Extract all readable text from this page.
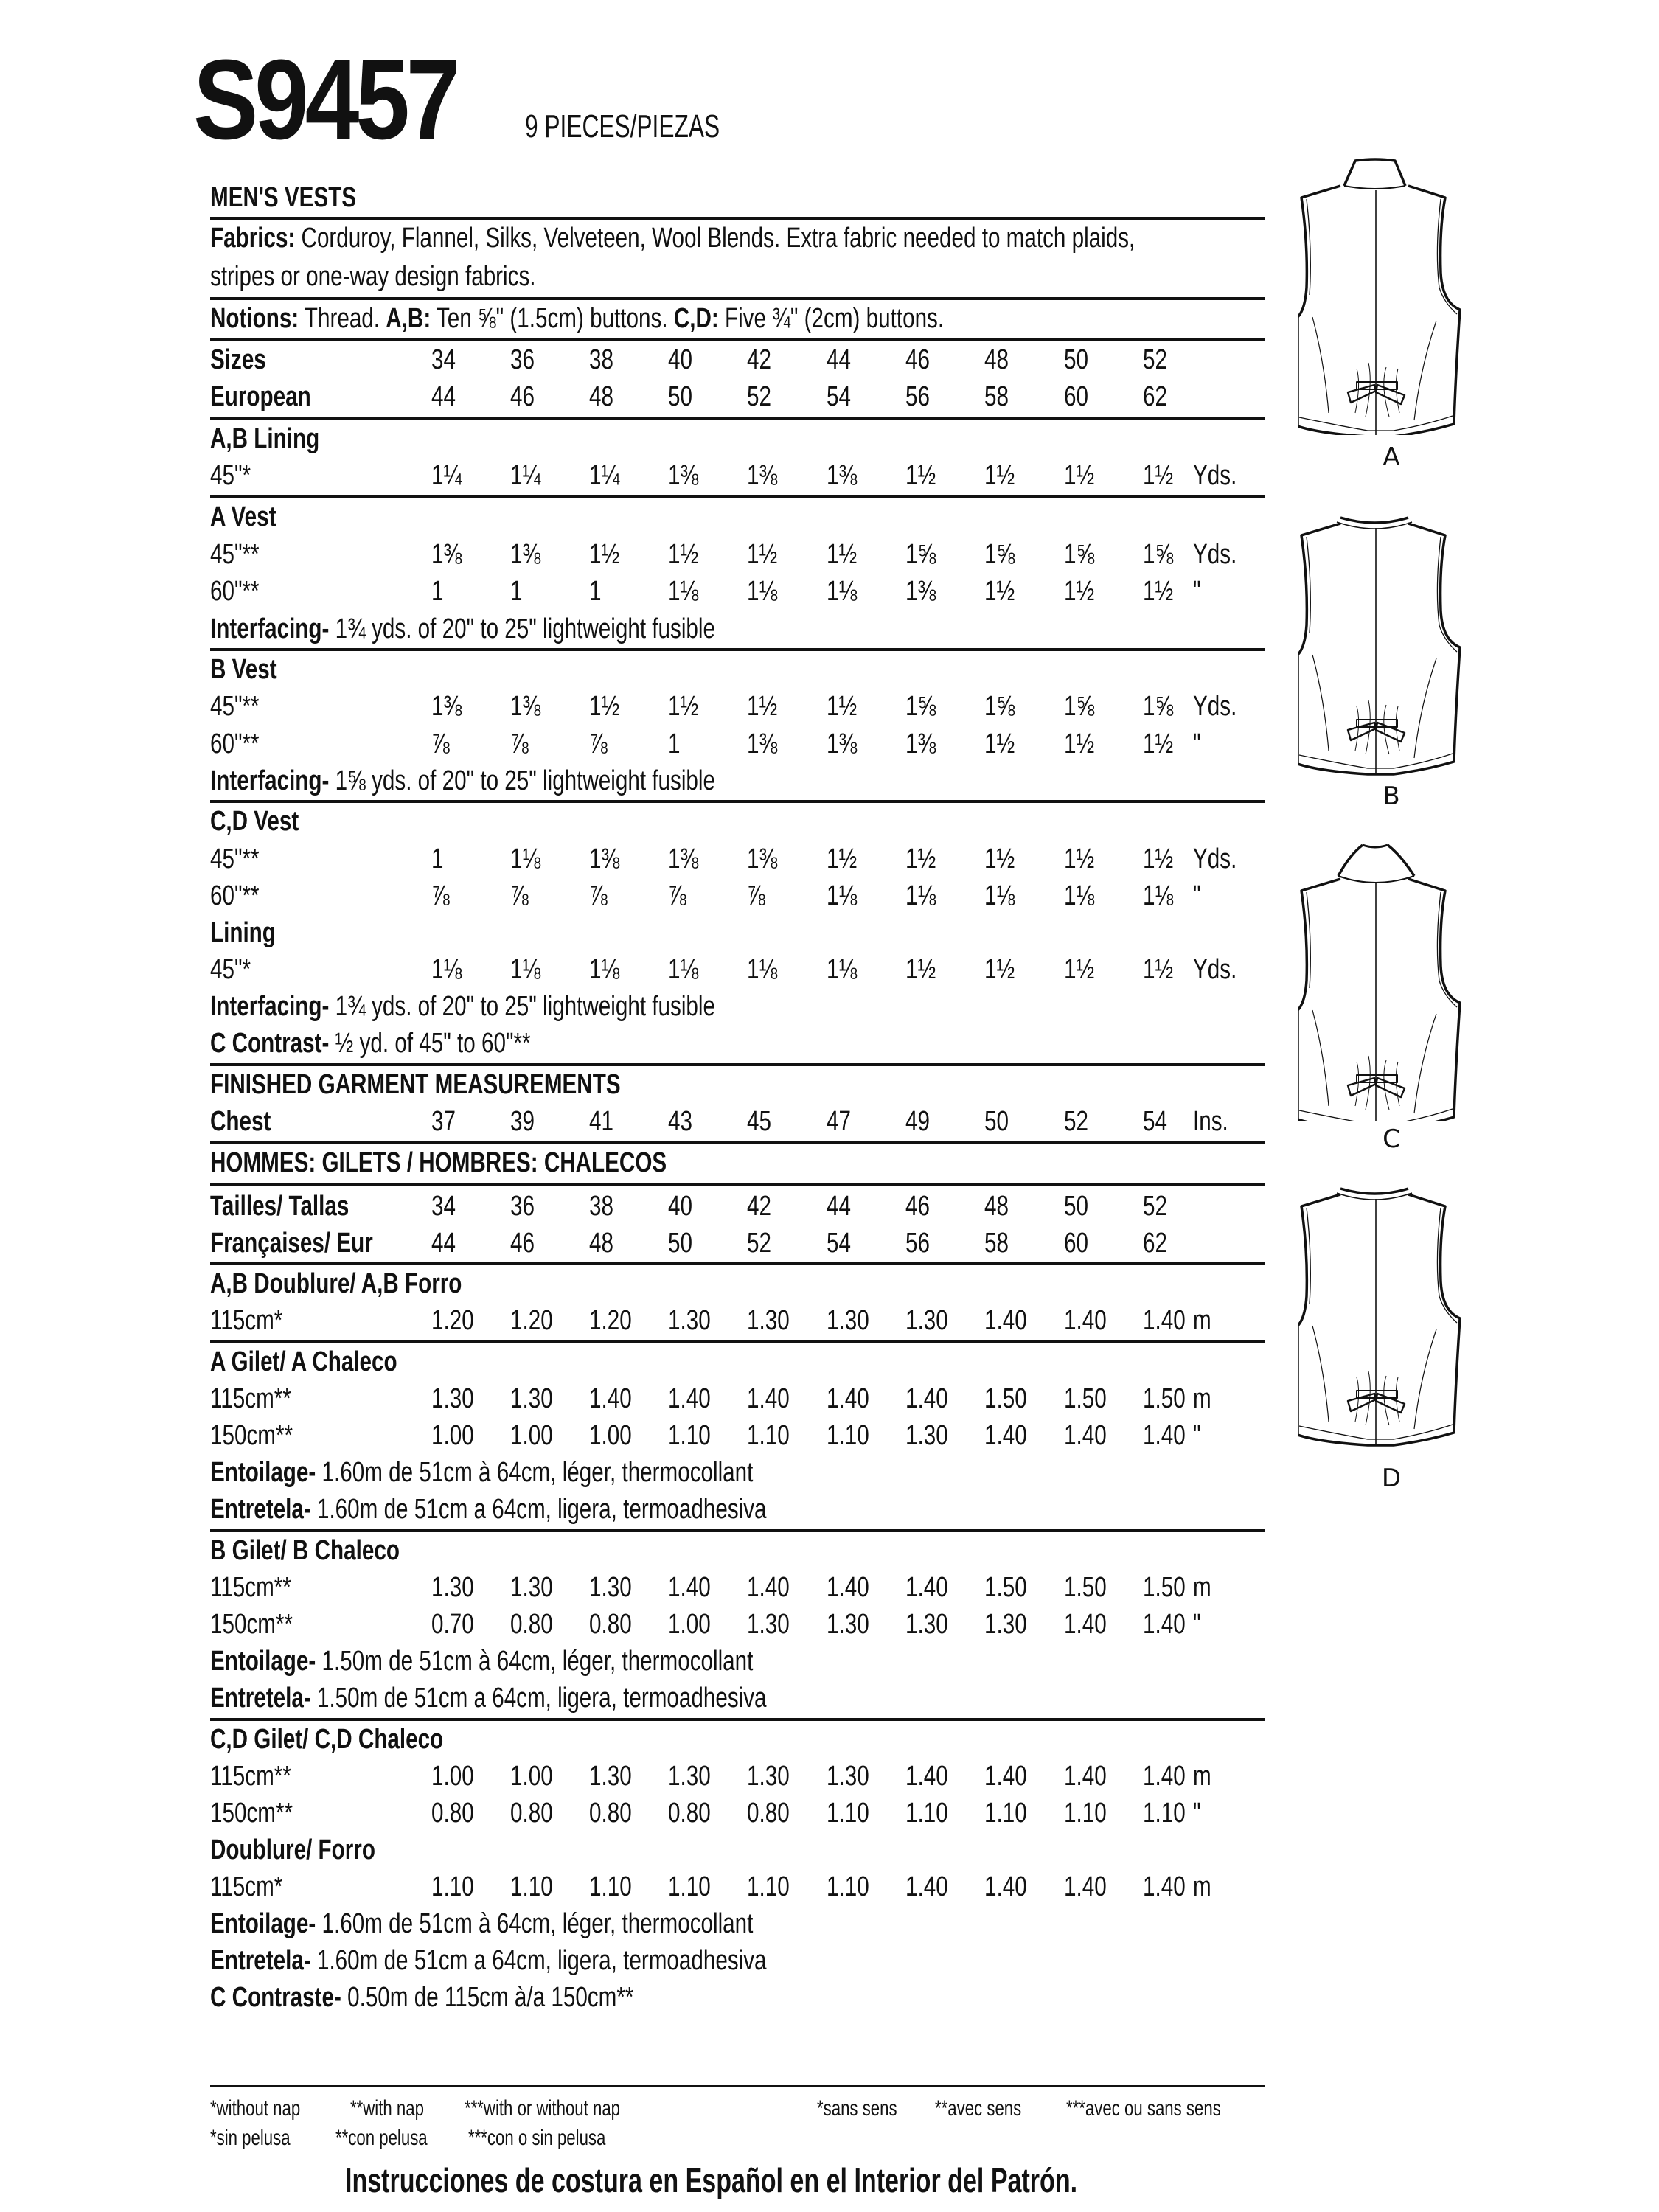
S9457 9 PIECES/PIEZAS
MEN'S VESTS
Fabrics: Corduroy, Flannel, Silks, Velveteen, Wool Blends. Extra fabric needed to match plaids,
stripes or one-way design fabrics.
Notions: Thread. A,B: Ten ⅝" (1.5cm) buttons. C,D: Five ¾" (2cm) buttons.
Sizes	34 36 38 40 42 44 46 48 50 52
European	44 46 48 50 52 54 56 58 60 62
A,B Lining
45"*	1¼ 1¼ 1¼ 1⅜ 1⅜ 1⅜ 1½ 1½ 1½ 1½ Yds.
A Vest
45"**	1⅜ 1⅜ 1½ 1½ 1½ 1½ 1⅝ 1⅝ 1⅝ 1⅝ Yds.
60"**	1 1 1 1⅛ 1⅛ 1⅛ 1⅜ 1½ 1½ 1½ "
Interfacing- 1¾ yds. of 20" to 25" lightweight fusible
B Vest
45"**	1⅜ 1⅜ 1½ 1½ 1½ 1½ 1⅝ 1⅝ 1⅝ 1⅝ Yds.
60"**	⅞ ⅞ ⅞ 1 1⅜ 1⅜ 1⅜ 1½ 1½ 1½ "
Interfacing- 1⅝ yds. of 20" to 25" lightweight fusible
C,D Vest
45"**	1 1⅛ 1⅜ 1⅜ 1⅜ 1½ 1½ 1½ 1½ 1½ Yds.
60"**	⅞ ⅞ ⅞ ⅞ ⅞ 1⅛ 1⅛ 1⅛ 1⅛ 1⅛ "
Lining
45"*	1⅛ 1⅛ 1⅛ 1⅛ 1⅛ 1⅛ 1½ 1½ 1½ 1½ Yds.
Interfacing- 1¾ yds. of 20" to 25" lightweight fusible
C Contrast- ½ yd. of 45" to 60"**
FINISHED GARMENT MEASUREMENTS
Chest	37 39 41 43 45 47 49 50 52 54 Ins.
HOMMES: GILETS / HOMBRES: CHALECOS
Tailles/ Tallas	34 36 38 40 42 44 46 48 50 52
Françaises/ Eur 44 46 48 50 52 54 56 58 60 62
A,B Doublure/ A,B Forro
115cm*	1.20 1.20 1.20 1.30 1.30 1.30 1.30 1.40 1.40 1.40 m
A Gilet/ A Chaleco
115cm**	1.30 1.30 1.40 1.40 1.40 1.40 1.40 1.50 1.50 1.50 m
150cm**	1.00 1.00 1.00 1.10 1.10 1.10 1.30 1.40 1.40 1.40 "
Entoilage- 1.60m de 51cm à 64cm, léger, thermocollant
Entretela- 1.60m de 51cm a 64cm, ligera, termoadhesiva
B Gilet/ B Chaleco
115cm**	1.30 1.30 1.30 1.40 1.40 1.40 1.40 1.50 1.50 1.50 m
150cm**	0.70 0.80 0.80 1.00 1.30 1.30 1.30 1.30 1.40 1.40 "
Entoilage- 1.50m de 51cm à 64cm, léger, thermocollant
Entretela- 1.50m de 51cm a 64cm, ligera, termoadhesiva
C,D Gilet/ C,D Chaleco
115cm**	1.00 1.00 1.30 1.30 1.30 1.30 1.40 1.40 1.40 1.40 m
150cm**	0.80 0.80 0.80 0.80 0.80 1.10 1.10 1.10 1.10 1.10 "
Doublure/ Forro
115cm*	1.10 1.10 1.10 1.10 1.10 1.10 1.40 1.40 1.40 1.40 m
Entoilage- 1.60m de 51cm à 64cm, léger, thermocollant
Entretela- 1.60m de 51cm a 64cm, ligera, termoadhesiva
C Contraste- 0.50m de 115cm à/a 150cm**
A
B
C
D
*without nap **with nap ***with or without nap	*sans sens **avec sens ***avec ou sans sens
*sin pelusa **con pelusa ***con o sin pelusa
Instrucciones de costura en Español en el Interior del Patrón.
